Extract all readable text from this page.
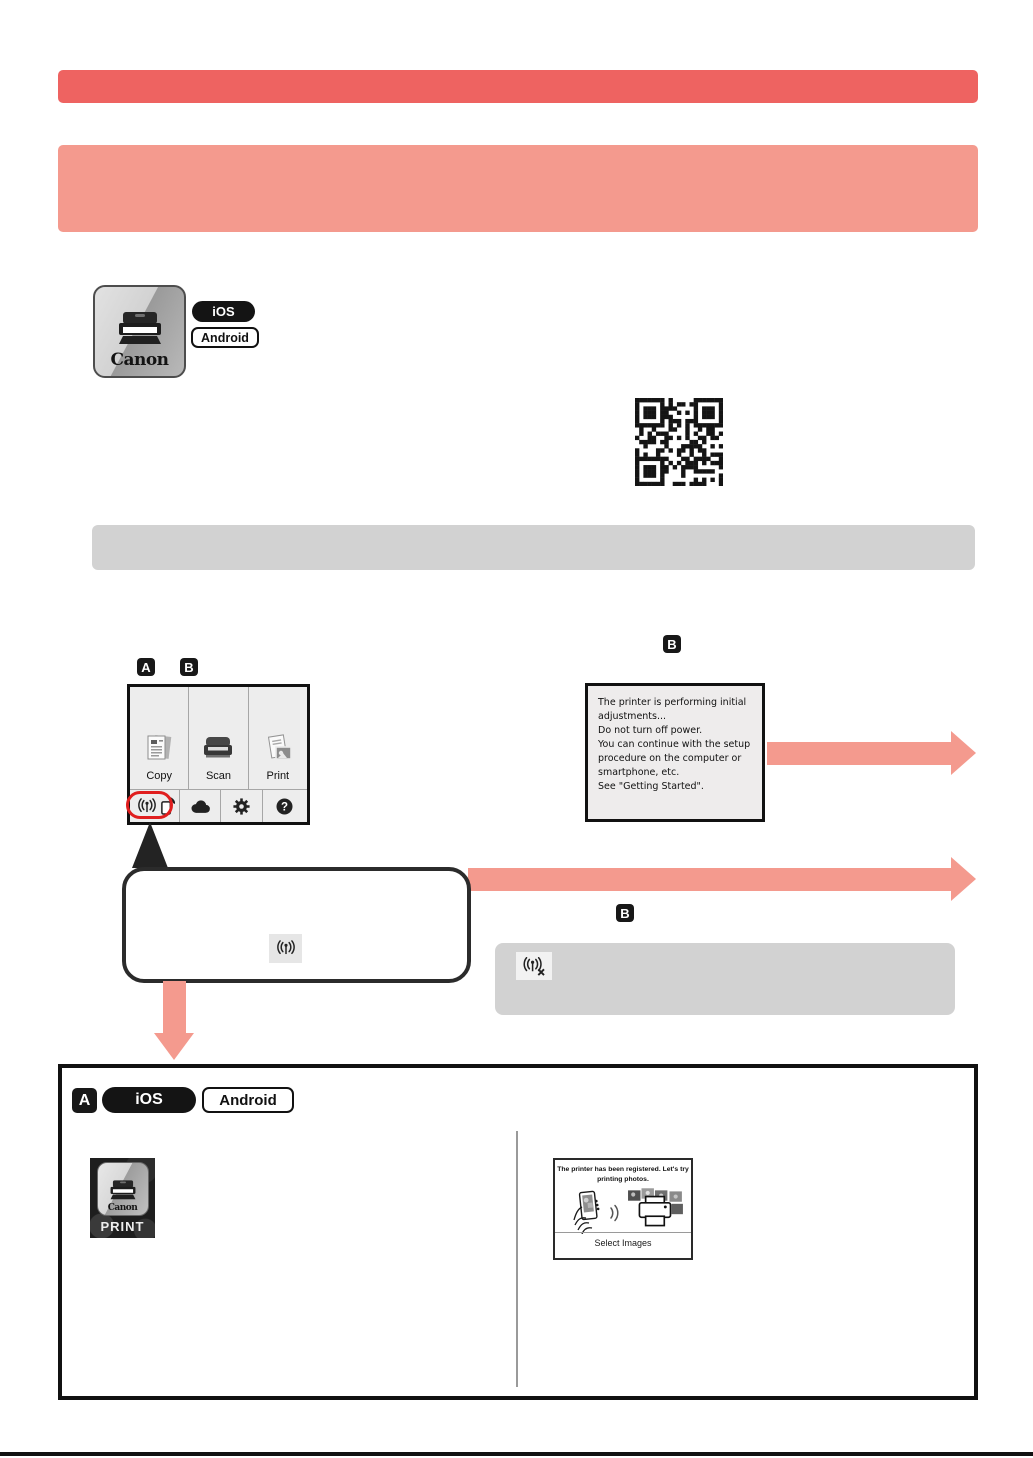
Canon
iOS
Android
A	B
Copy	Scan	Print
?
B
The printer is performing initial
adjustments...
Do not turn off power.
You can continue with the setup
procedure on the computer or
smartphone, etc.
See "Getting Started".
B
A	iOS	Android
Canon
PRINT
The printer has been registered. Let's try
printing photos.
Select Images
